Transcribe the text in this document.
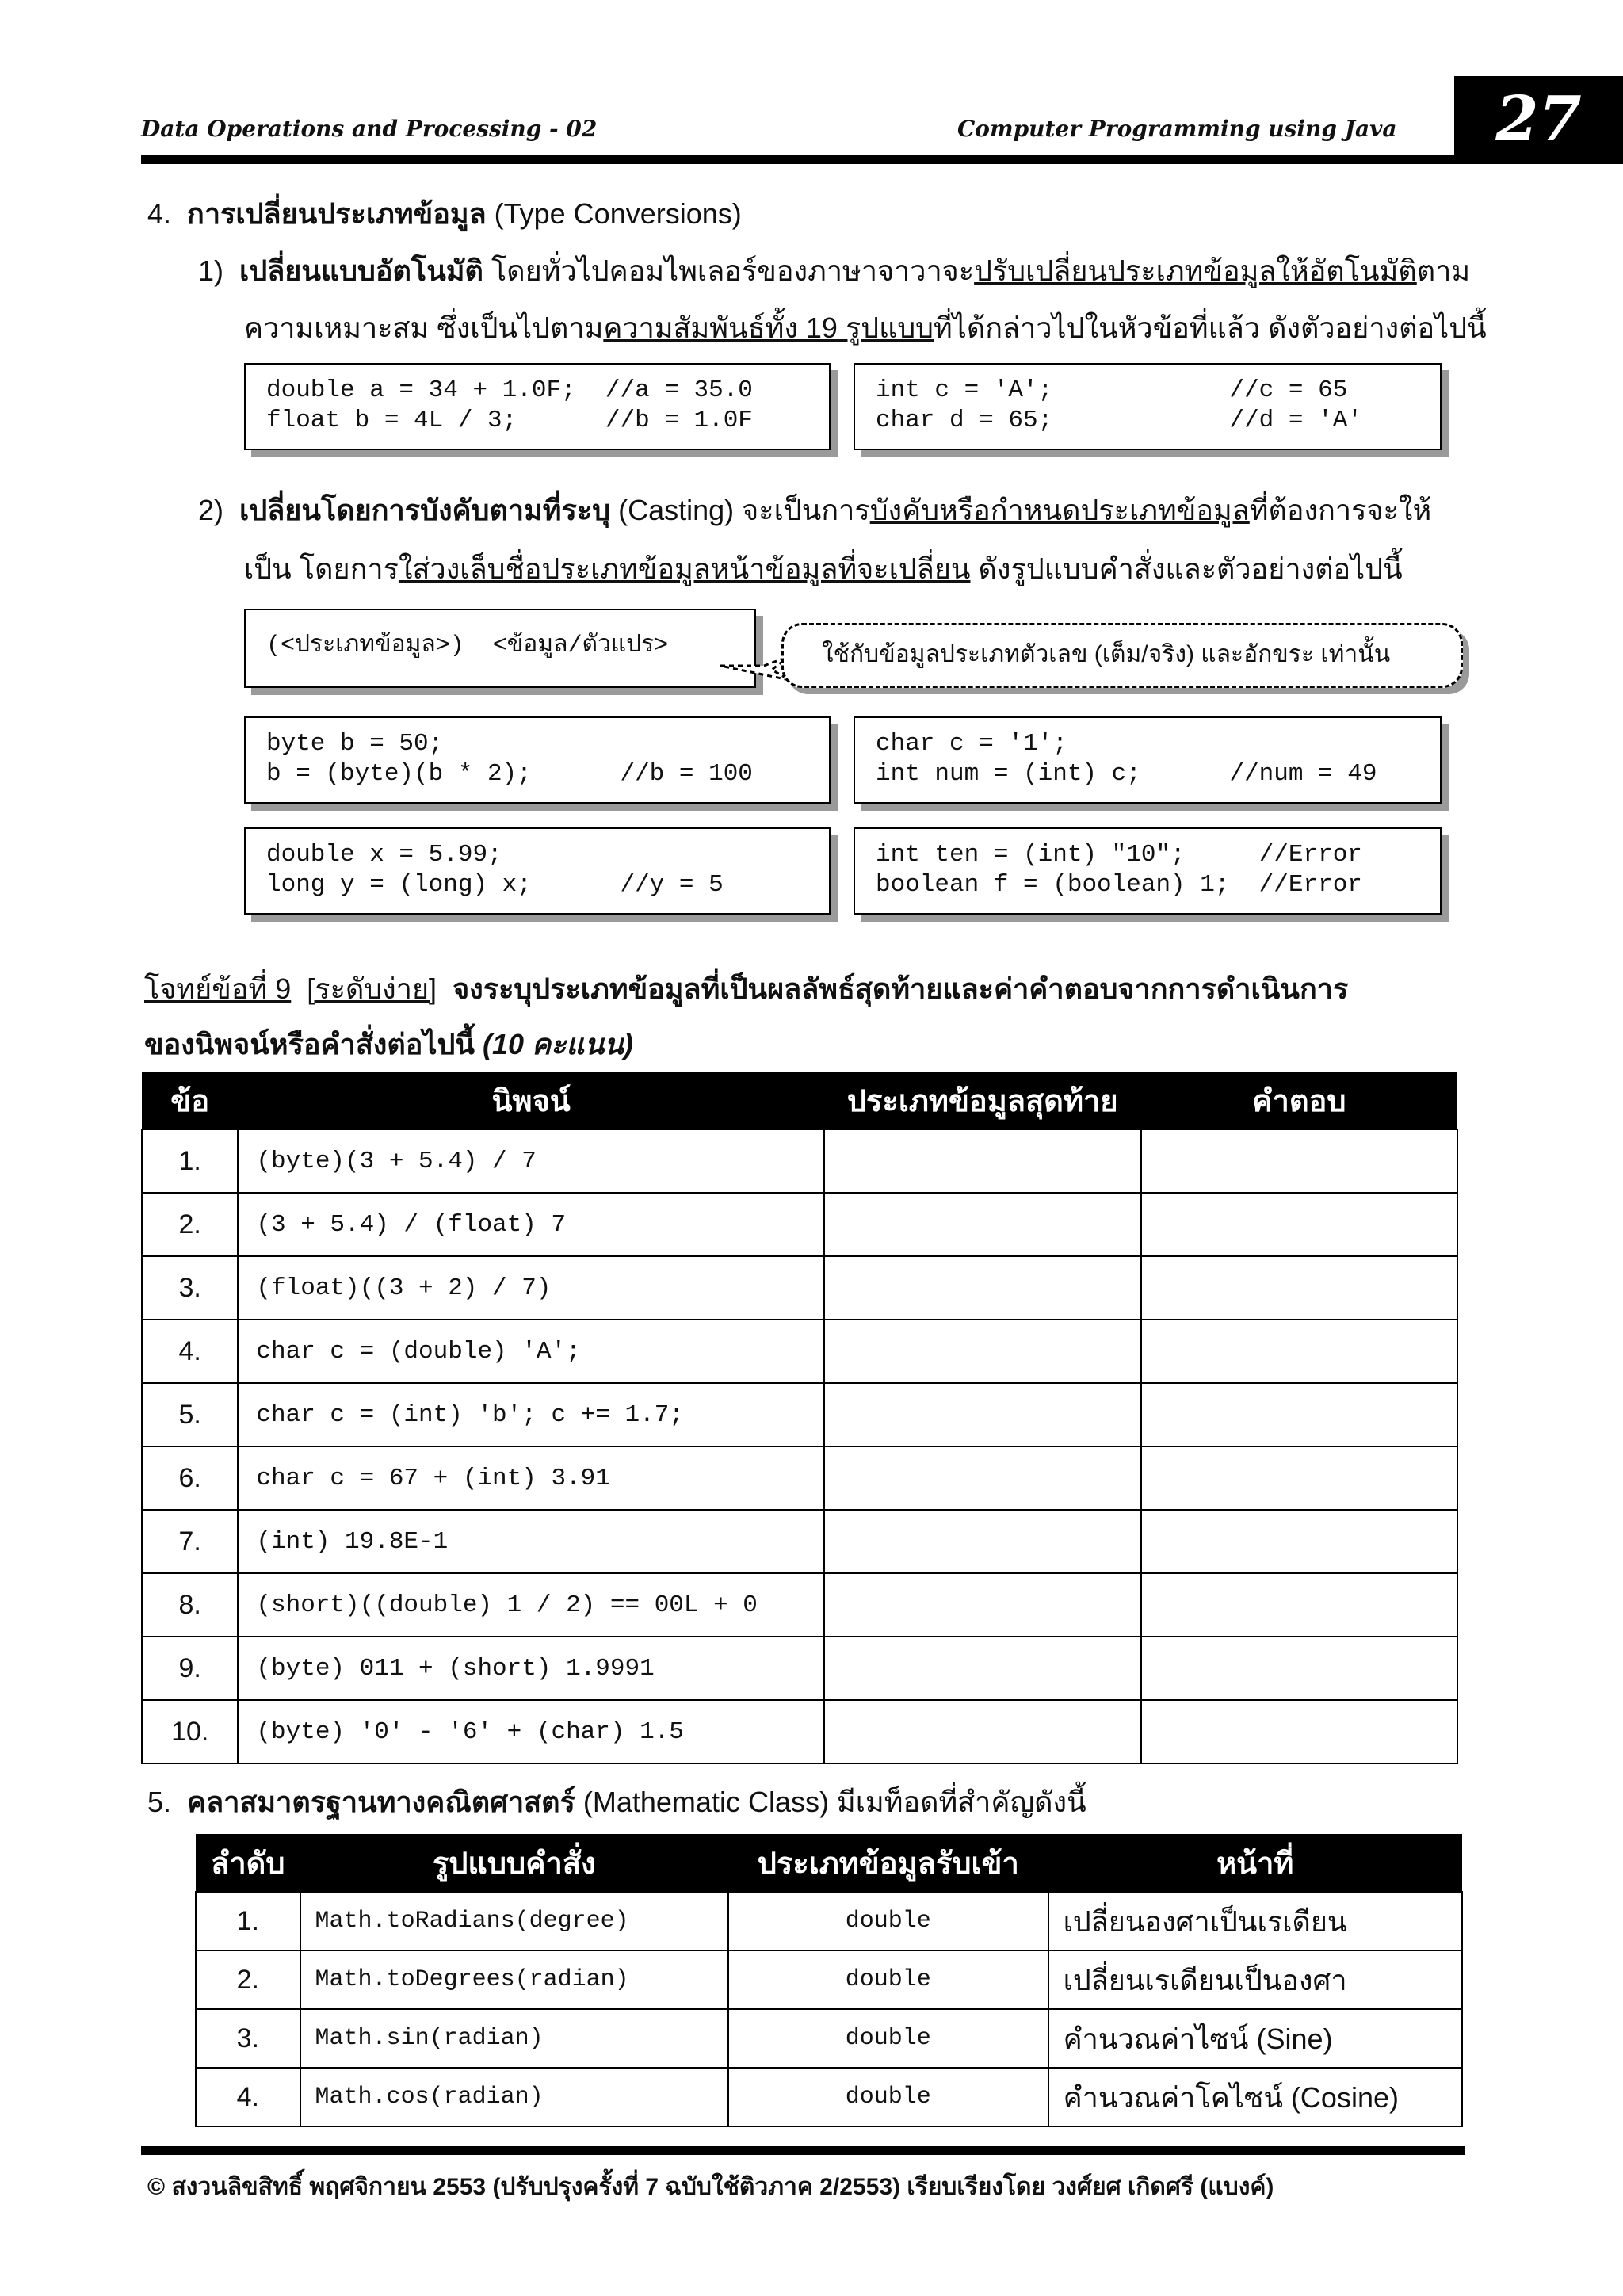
Data Operations and Processing - 02	Computer Programming using Java	27
4. การเปลี่ยนประเภทข้อมูล (Type Conversions)
1) เปลี่ยนแบบอัตโนมัติ โดยทั่วไปคอมไพเลอร์ของภาษาจาวาจะปรับเปลี่ยนประเภทข้อมูลให้อัตโนมัติตาม
ความเหมาะสม ซึ่งเป็นไปตามความสัมพันธ์ทั้ง 19 รูปแบบที่ได้กล่าวไปในหัวข้อที่แล้ว ดังตัวอย่างต่อไปนี้
double a = 34 + 1.0F;  //a = 35.0
float b = 4L / 3;      //b = 1.0F
int c = 'A';            //c = 65
char d = 65;            //d = 'A'
2) เปลี่ยนโดยการบังคับตามที่ระบุ (Casting) จะเป็นการบังคับหรือกำหนดประเภทข้อมูลที่ต้องการจะให้
เป็น โดยการใส่วงเล็บชื่อประเภทข้อมูลหน้าข้อมูลที่จะเปลี่ยน ดังรูปแบบคำสั่งและตัวอย่างต่อไปนี้
(<ประเภทข้อมูล>)  <ข้อมูล/ตัวแปร>	ใช้กับข้อมูลประเภทตัวเลข (เต็ม/จริง) และอักขระ เท่านั้น
byte b = 50;
b = (byte)(b * 2);      //b = 100
char c = '1';
int num = (int) c;      //num = 49
double x = 5.99;
long y = (long) x;      //y = 5
int ten = (int) "10";     //Error
boolean f = (boolean) 1;  //Error
โจทย์ข้อที่ 9 [ระดับง่าย] จงระบุประเภทข้อมูลที่เป็นผลลัพธ์สุดท้ายและค่าคำตอบจากการดำเนินการ
ของนิพจน์หรือคำสั่งต่อไปนี้ (10 คะแนน)
ข้อ	นิพจน์	ประเภทข้อมูลสุดท้าย	คำตอบ
1.	(byte)(3 + 5.4) / 7		
2.	(3 + 5.4) / (float) 7		
3.	(float)((3 + 2) / 7)		
4.	char c = (double) 'A';		
5.	char c = (int) 'b'; c += 1.7;		
6.	char c = 67 + (int) 3.91		
7.	(int) 19.8E-1		
8.	(short)((double) 1 / 2) == 00L + 0		
9.	(byte) 011 + (short) 1.9991		
10.	(byte) '0' - '6' + (char) 1.5		
5. คลาสมาตรฐานทางคณิตศาสตร์ (Mathematic Class) มีเมท็อดที่สำคัญดังนี้
ลำดับ	รูปแบบคำสั่ง	ประเภทข้อมูลรับเข้า	หน้าที่
1.	Math.toRadians(degree)	double	เปลี่ยนองศาเป็นเรเดียน
2.	Math.toDegrees(radian)	double	เปลี่ยนเรเดียนเป็นองศา
3.	Math.sin(radian)	double	คำนวณค่าไซน์ (Sine)
4.	Math.cos(radian)	double	คำนวณค่าโคไซน์ (Cosine)
© สงวนลิขสิทธิ์ พฤศจิกายน 2553 (ปรับปรุงครั้งที่ 7 ฉบับใช้ติวภาค 2/2553) เรียบเรียงโดย วงศ์ยศ เกิดศรี (แบงค์)
